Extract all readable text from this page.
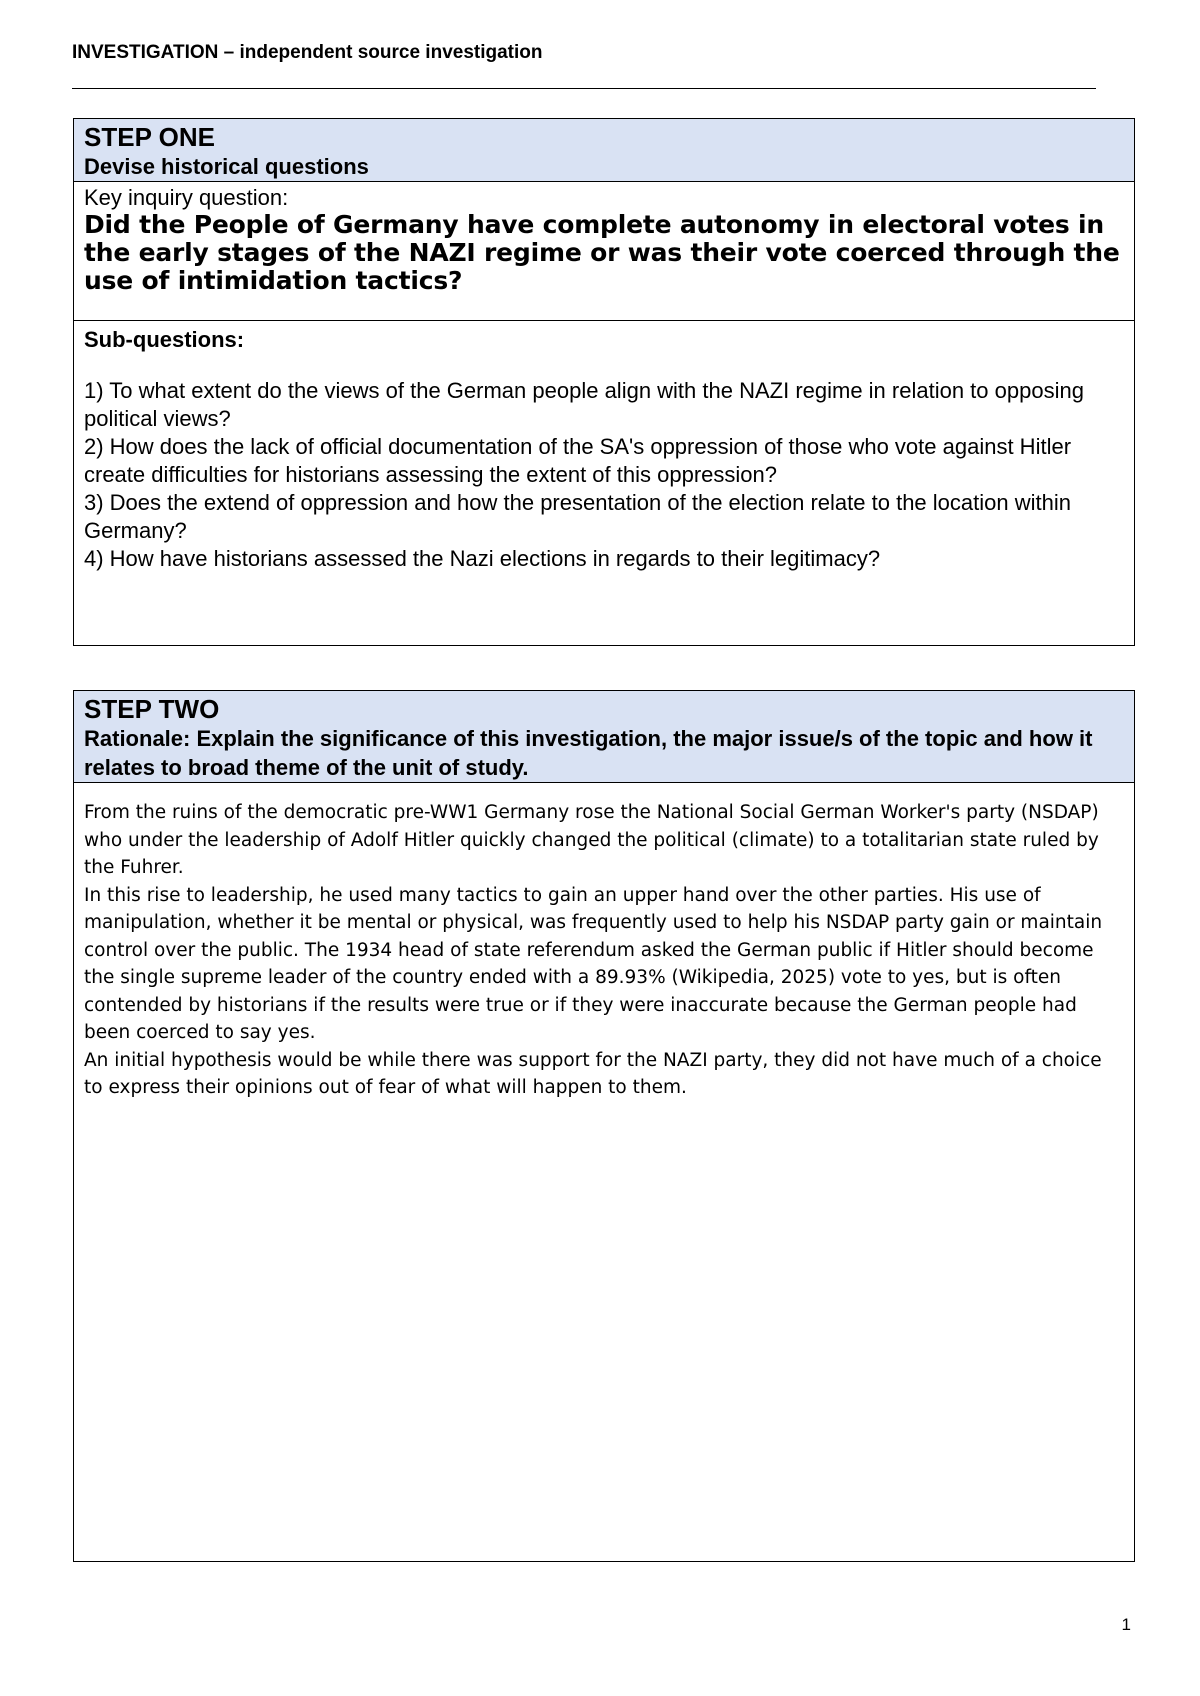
INVESTIGATION – independent source investigation
STEP ONE
Devise historical questions

Key inquiry question:
Did the People of Germany have complete autonomy in electoral votes in the early stages of the NAZI regime or was their vote coerced through the use of intimidation tactics?

Sub-questions:
1) To what extent do the views of the German people align with the NAZI regime in relation to opposing political views?
2) How does the lack of official documentation of the SA's oppression of those who vote against Hitler create difficulties for historians assessing the extent of this oppression?
3) Does the extend of oppression and how the presentation of the election relate to the location within Germany?
4) How have historians assessed the Nazi elections in regards to their legitimacy?
STEP TWO
Rationale: Explain the significance of this investigation, the major issue/s of the topic and how it relates to broad theme of the unit of study.

From the ruins of the democratic pre-WW1 Germany rose the National Social German Worker's party (NSDAP) who under the leadership of Adolf Hitler quickly changed the political (climate) to a totalitarian state ruled by the Fuhrer.

In this rise to leadership, he used many tactics to gain an upper hand over the other parties. His use of manipulation, whether it be mental or physical, was frequently used to help his NSDAP party gain or maintain control over the public. The 1934 head of state referendum asked the German public if Hitler should become the single supreme leader of the country ended with a 89.93% (Wikipedia, 2025) vote to yes, but is often contended by historians if the results were true or if they were inaccurate because the German people had been coerced to say yes.

An initial hypothesis would be while there was support for the NAZI party, they did not have much of a choice to express their opinions out of fear of what will happen to them.

1
